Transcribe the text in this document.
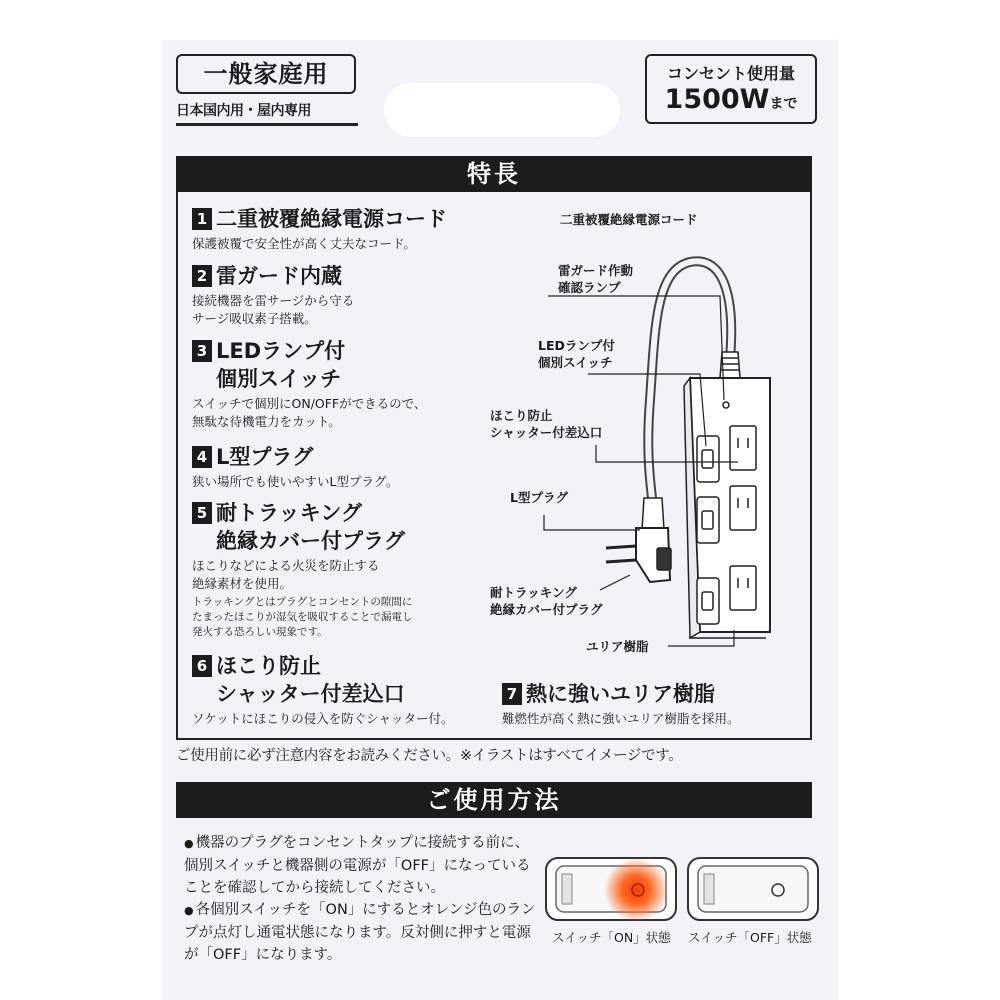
一般家庭用
日本国内用・屋内専用
コンセント使用量
1500Wまで
特長
1 二重被覆絶縁電源コード
保護被覆で安全性が高く丈夫なコード。
2 雷ガード内蔵
接続機器を雷サージから守る
サージ吸収素子搭載。
3 LEDランプ付
個別スイッチ
スイッチで個別にON/OFFができるので、
無駄な待機電力をカット。
4 L型プラグ
狭い場所でも使いやすいL型プラグ。
5 耐トラッキング
絶縁カバー付プラグ
ほこりなどによる火災を防止する
絶縁素材を使用。
トラッキングとはプラグとコンセントの隙間に
たまったほこりが湿気を吸収することで漏電し
発火する恐ろしい現象です。
6 ほこり防止
シャッター付差込口
ソケットにほこりの侵入を防ぐシャッター付。
7 熱に強いユリア樹脂
難燃性が高く熱に強いユリア樹脂を採用。
二重被覆絶縁電源コード
雷ガード作動
確認ランプ
LEDランプ付
個別スイッチ
ほこり防止
シャッター付差込口
L型プラグ
耐トラッキング
絶縁カバー付プラグ
ユリア樹脂
ご使用前に必ず注意内容をお読みください。※イラストはすべてイメージです。
ご使用方法

● 機器のプラグをコンセントタップに接続する前に、個別スイッチと機器側の電源が「OFF」になっていることを確認してから接続してください。

● 各個別スイッチを「ON」にするとオレンジ色のランプが点灯し通電状態になります。反対側に押すと電源が「OFF」になります。

スイッチ「ON」状態 スイッチ「OFF」状態
